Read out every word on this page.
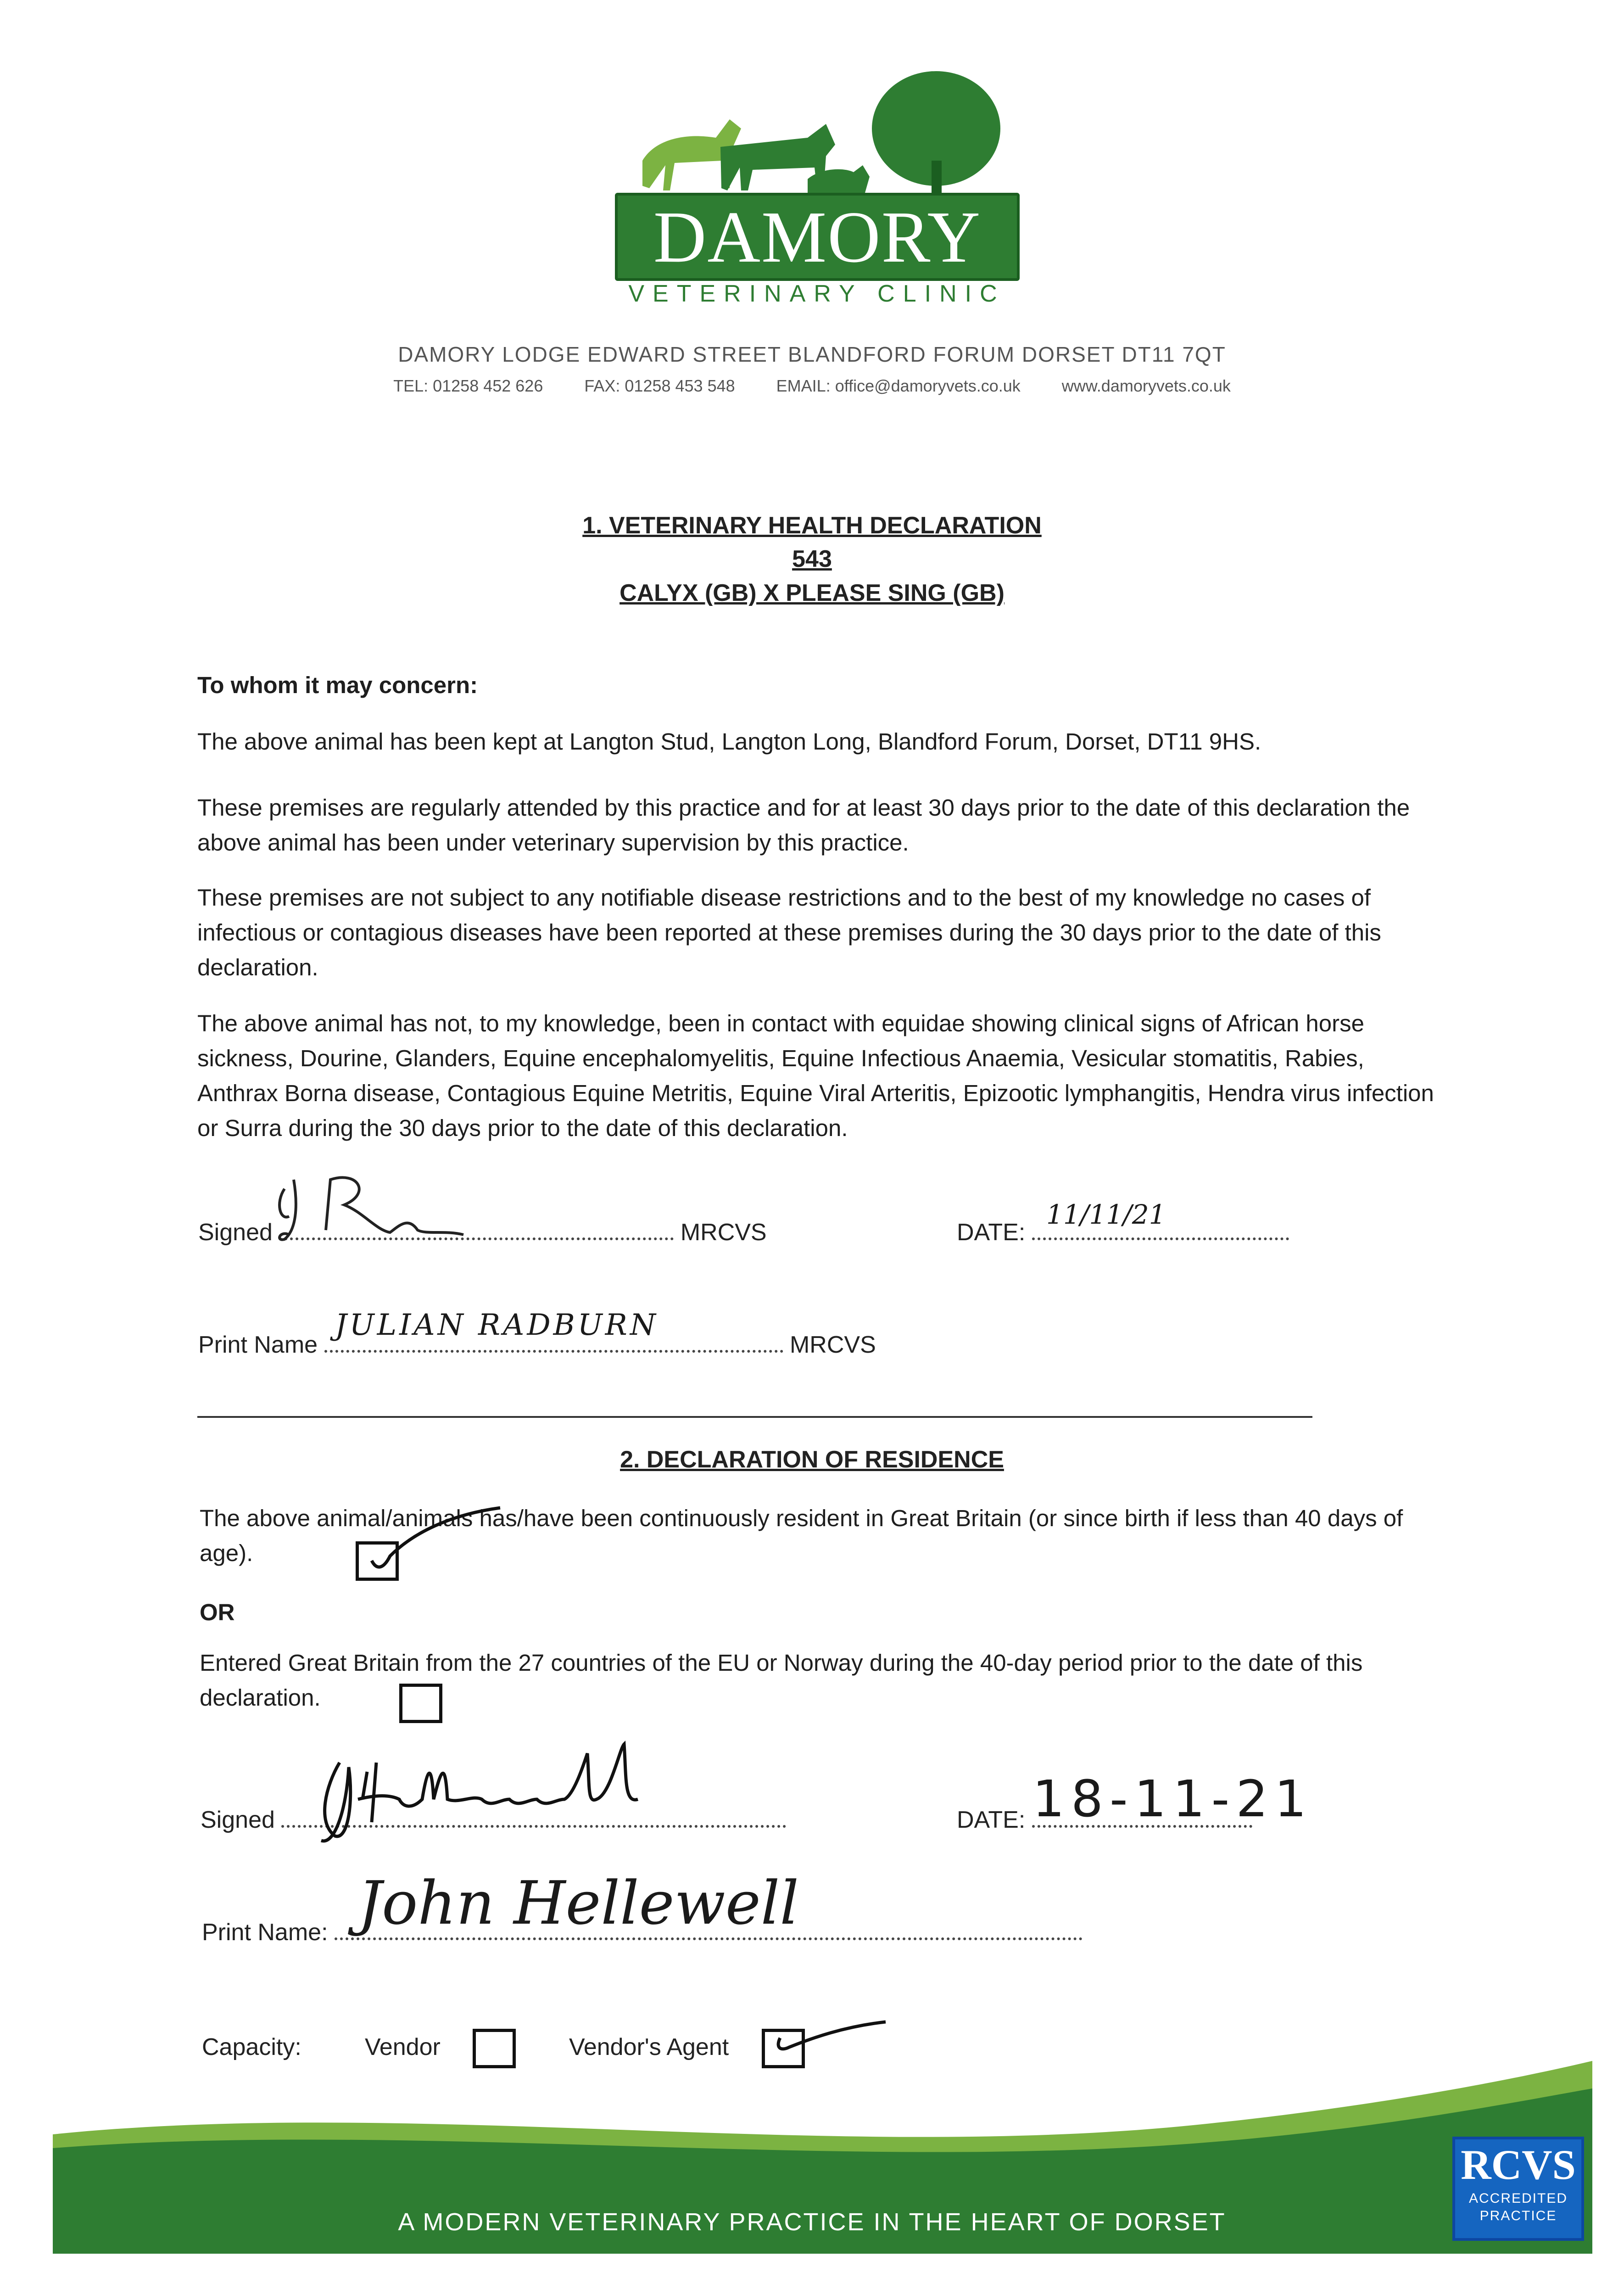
DAMORY
VETERINARY CLINIC
DAMORY LODGE EDWARD STREET BLANDFORD FORUM DORSET DT11 7QT
TEL: 01258 452 626	FAX: 01258 453 548	EMAIL: office@damoryvets.co.uk	www.damoryvets.co.uk
1. VETERINARY HEALTH DECLARATION
543
CALYX (GB) X PLEASE SING (GB)
To whom it may concern:
The above animal has been kept at Langton Stud, Langton Long, Blandford Forum, Dorset, DT11 9HS.
These premises are regularly attended by this practice and for at least 30 days prior to the date of this declaration the above animal has been under veterinary supervision by this practice.
These premises are not subject to any notifiable disease restrictions and to the best of my knowledge no cases of infectious or contagious diseases have been reported at these premises during the 30 days prior to the date of this declaration.
The above animal has not, to my knowledge, been in contact with equidae showing clinical signs of African horse sickness, Dourine, Glanders, Equine encephalomyelitis, Equine Infectious Anaemia, Vesicular stomatitis, Rabies, Anthrax Borna disease, Contagious Equine Metritis, Equine Viral Arteritis, Epizootic lymphangitis, Hendra virus infection or Surra during the 30 days prior to the date of this declaration.
Signed	MRCVS	DATE:
11/11/21
Print Name	MRCVS
JULIAN RADBURN
2. DECLARATION OF RESIDENCE
The above animal/animals has/have been continuously resident in Great Britain (or since birth if less than 40 days of age).
OR
Entered Great Britain from the 27 countries of the EU or Norway during the 40-day period prior to the date of this declaration.
Signed	DATE: 18-11-21
Print Name: John Hellewell
Capacity:	Vendor	Vendor's Agent
A MODERN VETERINARY PRACTICE IN THE HEART OF DORSET
RCVS
ACCREDITED
PRACTICE
